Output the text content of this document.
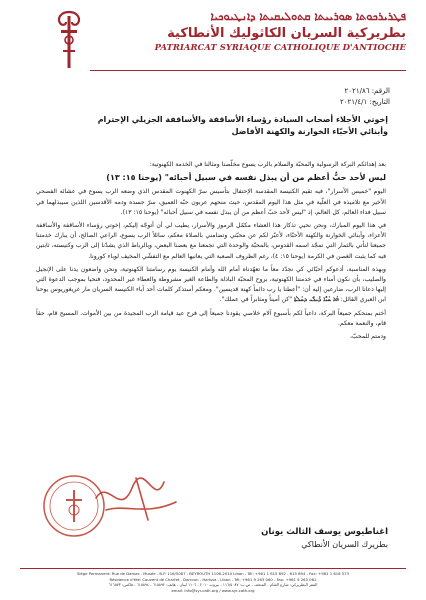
ܦܛܪܝܪܟܘܬܐ ܣܘܪܝܝܬܐ ܩܬܘܠܝܩܝܬܐ ܕܐܢܛܝܘܟܝܐ
بطريركية السريان الكاثوليك الأنطاكية
PATRIARCAT SYRIAQUE CATHOLIQUE D'ANTIOCHE
الرقم: ٢٠٢١/٨٦
التاريخ: ٢٠٢١/٤/١
إخوتي الأجلاء أصحاب السيادة رؤساء الأساقفة والأساقفة الجزيلي الإحترام
وأبنائي الأحبّاء الخوارنة والكهنة الأفاضل

بعد إهدائكم البركة الرسولية والمحبّة والسلام بالرب يسوع مخلّصنا ومثالنا في الخدمة الكهنوتية:

ليس لأحد حبٌّ أعظم من أن يبذل نفسه في سبيل أحبائه" (يوحنا ١٥: ١٣)

اليوم "خميس الأسرار"، فيه تقيم الكنيسة المقدسة الإحتفال بتأسيس سرّ الكهنوت المقدس الذي وضعه الرب يسوع في عشائه الفصحي الأخير مع تلاميذه في العلّية في مثل هذا اليوم المقدس، حيث منحهم عربون حبّه العميق، سرّ جسده ودمه الأقدسين اللذين سيبذلهما في سبيل فداء العالم، كل العالم، إذ "ليس لأحد حبّ أعظم من أن يبذل نفسه في سبيل أحبائه" (يوحنا ١٥: ١٣).

في هذا اليوم المبارك، ونحن نحيي تذكار هذا العشاء مكمّل الرموز والأسرار، يطيب لي أن أتوجّه إليكم، إخوتي رؤساء الأساقفة والأساقفة الأعزاء، وأبنائي الخوارنة والكهنة الأحبّاء، لأعبّر لكم عن محبّتي وتضامني بالصلاة معكم، سائلاً الرب يسوع، الراعي الصالح، أن يبارك خدمتنا جميعنا لنأتي بالثمار التي تمجّد اسمه القدوس، بالمحبّة والوحدة التي تجمعنا مع بعضنا البعض، وبالرباط الذي يشدّنا إلى الرب وكنيسته، ثابتين فيه كما يثبت الغصن في الكرمة (يوحنا ١٥: ٤)، رغم الظروف الصعبة التي يعانيها العالم مع التفشّي المخيف لوباء كورونا.

وبهذه المناسبة، أدعوكم أحبّائي كي نجدّد معاً ما تعهّدناه أمام الله وأمام الكنيسة يوم رسامتنا الكهنوتية، ونحن واضعون يدنا على الإنجيل والصليب، بأن نكون أمناء في خدمتنا الكهنوتية، بروح المحبّة الباذلة والطاعة الغير مشروطة والعطاء غير المحدود، فنحيا بموجب الدعوة التي إليها دعانا الرب، ضارعين إليه أن: "أعطنا يا رب دائماً كهنة قديسين". ومعكم أستذكر كلمات أحد آباء الكنيسة السريان مار غريغوريوس يوحنا ابن العبري القائل: ܗܳܐ ܚܰܝ̈ܶܐ ܕܺܝܠܺܝ ܕܚܰܠܬܳܐ "كن أميناً ومثابراً في عملك".

أختم بمنحكم جميعاً البركة، داعياً لكم بأسبوع آلام خلاصي يقودنا جميعاً إلى فرح عيد قيامة الرب المجيدة من بين الأموات. المسيح قام، حقاً قام، والنعمة معكم.

ودمتم للمحبّ،

اغناطيوس يوسف الثالث يونان
بطريرك السريان الأنطاكي
Siège Permanent: Rue de Damas - Musée - B.P. 116/5087 - BEYROUTH 1106-2010 Liban - Tél: +961 1 615 892 - 615 894 - Fax: +961 1 616 573
Résidence d'été: Couvent de Charfet - Darroun - Harissa - Liban - Tél: +961 9 263 060 - Fax: +961 9 263 061
المقر البطريركي: شارع الشام - المتحف - ص.ب: ١١٦/٥٠٨٧ - بيروت ٢٠١٠ - ١١٠٦ لبنان - هاتف: ٦١٥٨٩٢ - ٦١٥٨٩٤ - فاكس: ٦١٦٥٧٣
email: info@syr-cath.org / www.syr-cath.org
